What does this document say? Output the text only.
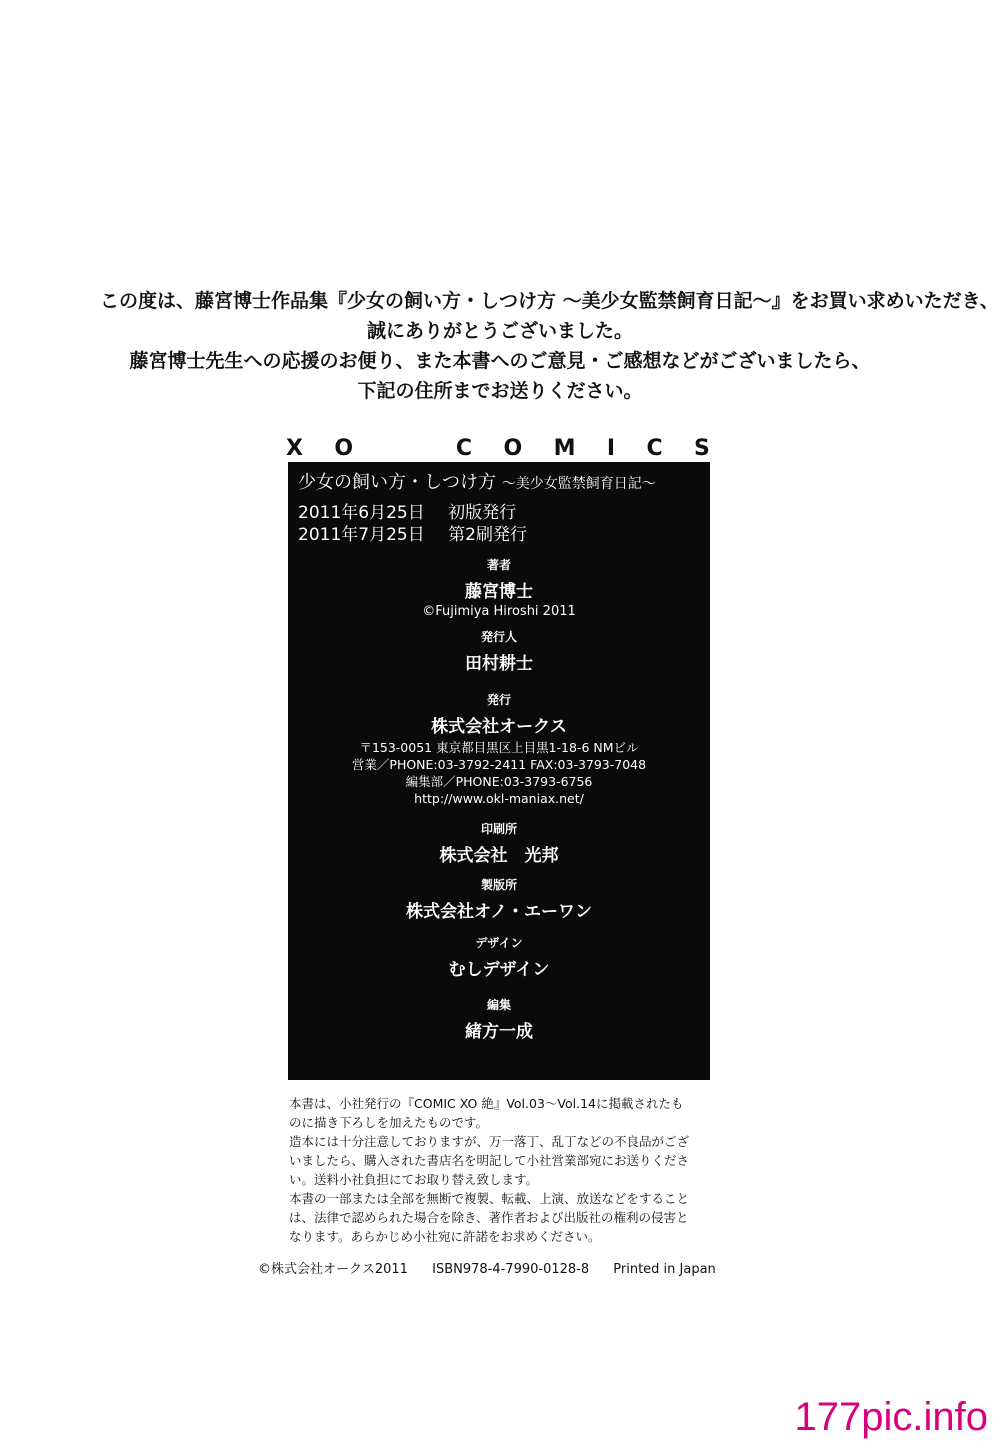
この度は、藤宮博士作品集『少女の飼い方・しつけ方 ～美少女監禁飼育日記～』をお買い求めいただき、
誠にありがとうございました。
藤宮博士先生への応援のお便り、また本書へのご意見・ご感想などがございましたら、
下記の住所までお送りください。
X O	C O M I C S
少女の飼い方・しつけ方 ～美少女監禁飼育日記～
2011年6月25日 初版発行
2011年7月25日 第2刷発行
著者
藤宮博士
©Fujimiya Hiroshi 2011
発行人
田村耕士
発行
株式会社オークス
〒153-0051 東京都目黒区上目黒1-18-6 NMビル
営業／PHONE:03-3792-2411 FAX:03-3793-7048
編集部／PHONE:03-3793-6756
http://www.okl-maniax.net/
印刷所
株式会社　光邦
製版所
株式会社オノ・エーワン
デザイン
むしデザイン
編集
緒方一成
本書は、小社発行の『COMIC XO 絶』Vol.03～Vol.14に掲載されたも
のに描き下ろしを加えたものです。
造本には十分注意しておりますが、万一落丁、乱丁などの不良品がござ
いましたら、購入された書店名を明記して小社営業部宛にお送りくださ
い。送料小社負担にてお取り替え致します。
本書の一部または全部を無断で複製、転載、上演、放送などをすること
は、法律で認められた場合を除き、著作者および出版社の権利の侵害と
なります。あらかじめ小社宛に許諾をお求めください。
©株式会社オークス2011 ISBN978-4-7990-0128-8 Printed in Japan
177pic.info
